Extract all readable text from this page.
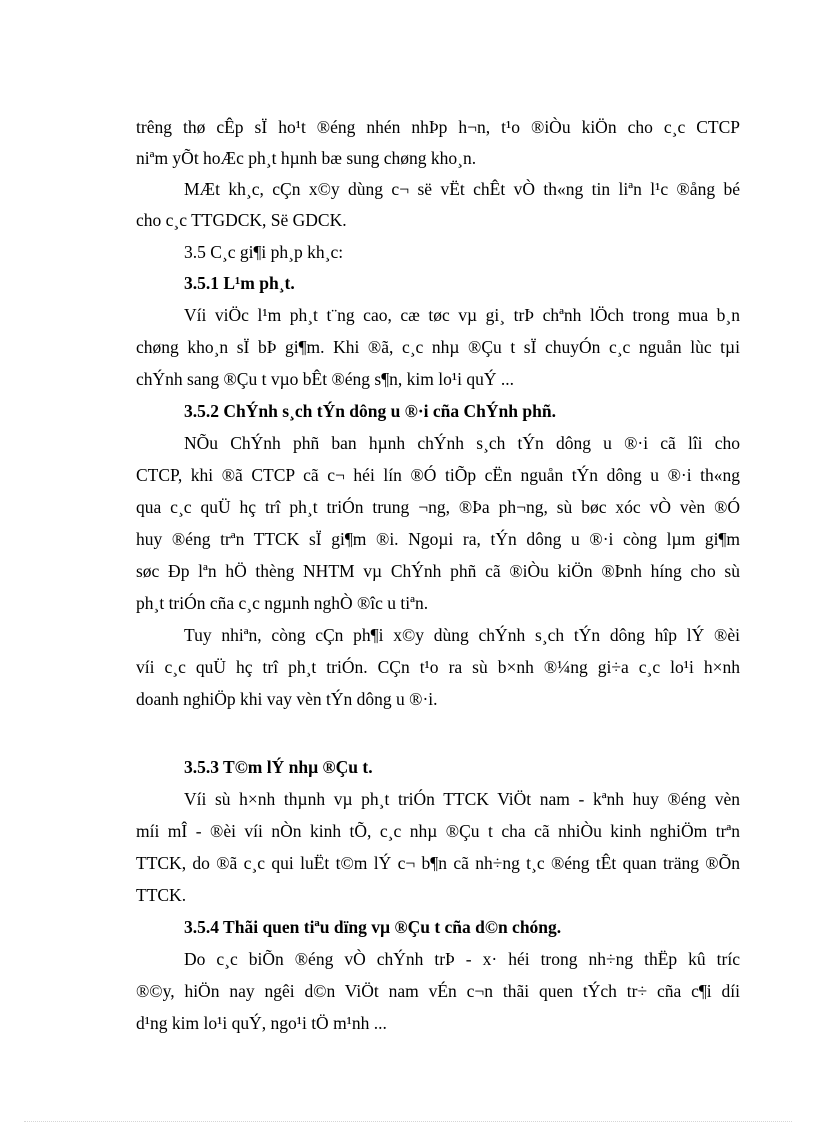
trêng thø cÊp sÏ ho¹t ®éng nhén nhÞp h¬n, t¹o ®iÒu kiÖn cho c¸c CTCP
niªm yÕt hoÆc ph¸t hµnh bæ sung chøng kho¸n.
MÆt kh¸c, cÇn x©y dùng c¬ së vËt chÊt vÒ th«ng tin liªn l¹c ®ång bé
cho c¸c TTGDCK, Së GDCK.
3.5 C¸c gi¶i ph¸p kh¸c:
3.5.1 L¹m ph¸t.
Víi viÖc l¹m ph¸t t¨ng cao, cæ tøc vµ gi¸ trÞ chªnh lÖch trong mua b¸n
chøng kho¸n sÏ bÞ gi¶m. Khi ®ã, c¸c nhµ ®Çu t sÏ chuyÓn c¸c nguån lùc tµi
chÝnh sang ®Çu t vµo bÊt ®éng s¶n, kim lo¹i quÝ ...
3.5.2 ChÝnh s¸ch tÝn dông u ®·i cña ChÝnh phñ.
NÕu ChÝnh phñ ban hµnh chÝnh s¸ch tÝn dông u ®·i cã lîi cho
CTCP, khi ®ã CTCP cã c¬ héi lín ®Ó tiÕp cËn nguån tÝn dông u ®·i th«ng
qua c¸c quÜ hç trî ph¸t triÓn trung ¬ng, ®Þa ph¬ng, sù bøc xóc vÒ vèn ®Ó
huy ®éng trªn TTCK sÏ gi¶m ®i. Ngoµi ra, tÝn dông u ®·i còng lµm gi¶m
søc Ðp lªn hÖ thèng NHTM vµ ChÝnh phñ cã ®iÒu kiÖn ®Þnh híng cho sù
ph¸t triÓn cña c¸c ngµnh nghÒ ®îc u tiªn.
Tuy nhiªn, còng cÇn ph¶i x©y dùng chÝnh s¸ch tÝn dông hîp lÝ ®èi
víi c¸c quÜ hç trî ph¸t triÓn. CÇn t¹o ra sù b×nh ®¼ng gi÷a c¸c lo¹i h×nh
doanh nghiÖp khi vay vèn tÝn dông u ®·i.
3.5.3 T©m lÝ nhµ ®Çu t.
Víi sù h×nh thµnh vµ ph¸t triÓn TTCK ViÖt nam - kªnh huy ®éng vèn
míi mÎ - ®èi víi nÒn kinh tÕ, c¸c nhµ ®Çu t cha cã nhiÒu kinh nghiÖm trªn
TTCK, do ®ã c¸c qui luËt t©m lÝ c¬ b¶n cã nh÷ng t¸c ®éng tÊt quan träng ®Õn
TTCK.
3.5.4 Thãi quen tiªu dïng vµ ®Çu t cña d©n chóng.
Do c¸c biÕn ®éng vÒ chÝnh trÞ - x· héi trong nh÷ng thËp kû tríc
®©y, hiÖn nay ngêi d©n ViÖt nam vÉn c¬n thãi quen tÝch tr÷ cña c¶i díi
d¹ng kim lo¹i quÝ, ngo¹i tÖ m¹nh ...
